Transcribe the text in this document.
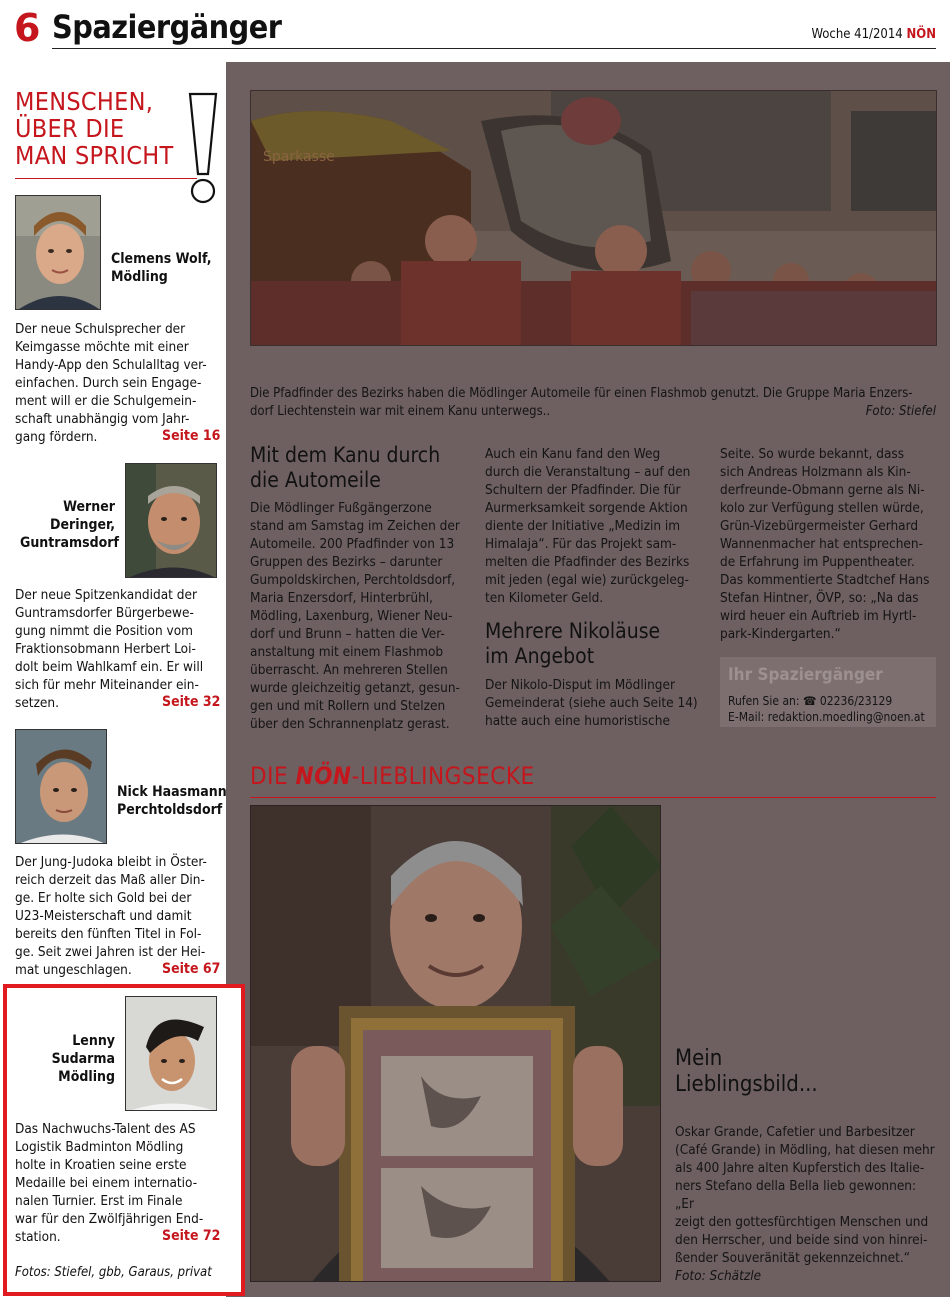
6 Spaziergänger	Woche 41/2014 NÖN
MENSCHEN,
ÜBER DIE
MAN SPRICHT
Clemens Wolf,
Mödling
Der neue Schulsprecher der
Keimgasse möchte mit einer
Handy-App den Schulalltag ver-
einfachen. Durch sein Engage-
ment will er die Schulgemein-
schaft unabhängig vom Jahr-
gang fördern.	Seite 16
Werner
Deringer,
Guntramsdorf
Der neue Spitzenkandidat der
Guntramsdorfer Bürgerbewe-
gung nimmt die Position vom
Fraktionsobmann Herbert Loi-
dolt beim Wahlkamf ein. Er will
sich für mehr Miteinander ein-
setzen.	Seite 32
Nick Haasmann
Perchtoldsdorf
Der Jung-Judoka bleibt in Öster-
reich derzeit das Maß aller Din-
ge. Er holte sich Gold bei der
U23-Meisterschaft und damit
bereits den fünften Titel in Fol-
ge. Seit zwei Jahren ist der Hei-
mat ungeschlagen.	Seite 67
Lenny
Sudarma
Mödling
Das Nachwuchs-Talent des AS
Logistik Badminton Mödling
holte in Kroatien seine erste
Medaille bei einem internatio-
nalen Turnier. Erst im Finale
war für den Zwölfjährigen End-
station.	Seite 72
Fotos: Stiefel, gbb, Garaus, privat
Sparkasse
Die Pfadfinder des Bezirks haben die Mödlinger Automeile für einen Flashmob genutzt. Die Gruppe Maria Enzers-
dorf Liechtenstein war mit einem Kanu unterwegs..	Foto: Stiefel
Mit dem Kanu durch
die Automeile
Die Mödlinger Fußgängerzone
stand am Samstag im Zeichen der
Automeile. 200 Pfadfinder von 13
Gruppen des Bezirks – darunter
Gumpoldskirchen, Perchtoldsdorf,
Maria Enzersdorf, Hinterbrühl,
Mödling, Laxenburg, Wiener Neu-
dorf und Brunn – hatten die Ver-
anstaltung mit einem Flashmob
überrascht. An mehreren Stellen
wurde gleichzeitig getanzt, gesun-
gen und mit Rollern und Stelzen
über den Schrannenplatz gerast.
Auch ein Kanu fand den Weg
durch die Veranstaltung – auf den
Schultern der Pfadfinder. Die für
Aurmerksamkeit sorgende Aktion
diente der Initiative „Medizin im
Himalaja“. Für das Projekt sam-
melten die Pfadfinder des Bezirks
mit jeden (egal wie) zurückgeleg-
ten Kilometer Geld.
Mehrere Nikoläuse
im Angebot
Der Nikolo-Disput im Mödlinger
Gemeinderat (siehe auch Seite 14)
hatte auch eine humoristische
Seite. So wurde bekannt, dass
sich Andreas Holzmann als Kin-
derfreunde-Obmann gerne als Ni-
kolo zur Verfügung stellen würde,
Grün-Vizebürgermeister Gerhard
Wannenmacher hat entsprechen-
de Erfahrung im Puppentheater.
Das kommentierte Stadtchef Hans
Stefan Hintner, ÖVP, so: „Na das
wird heuer ein Auftrieb im Hyrtl-
park-Kindergarten.“
Ihr Spaziergänger
Rufen Sie an: ☎ 02236/23129
E-Mail: redaktion.moedling@noen.at
DIE NÖN-LIEBLINGSECKE
Mein
Lieblingsbild...
Oskar Grande, Cafetier und Barbesitzer
(Café Grande) in Mödling, hat diesen mehr
als 400 Jahre alten Kupferstich des Italie-
ners Stefano della Bella lieb gewonnen: „Er
zeigt den gottesfürchtigen Menschen und
den Herrscher, und beide sind von hinrei-
ßender Souveränität gekennzeichnet.“
Foto: Schätzle
